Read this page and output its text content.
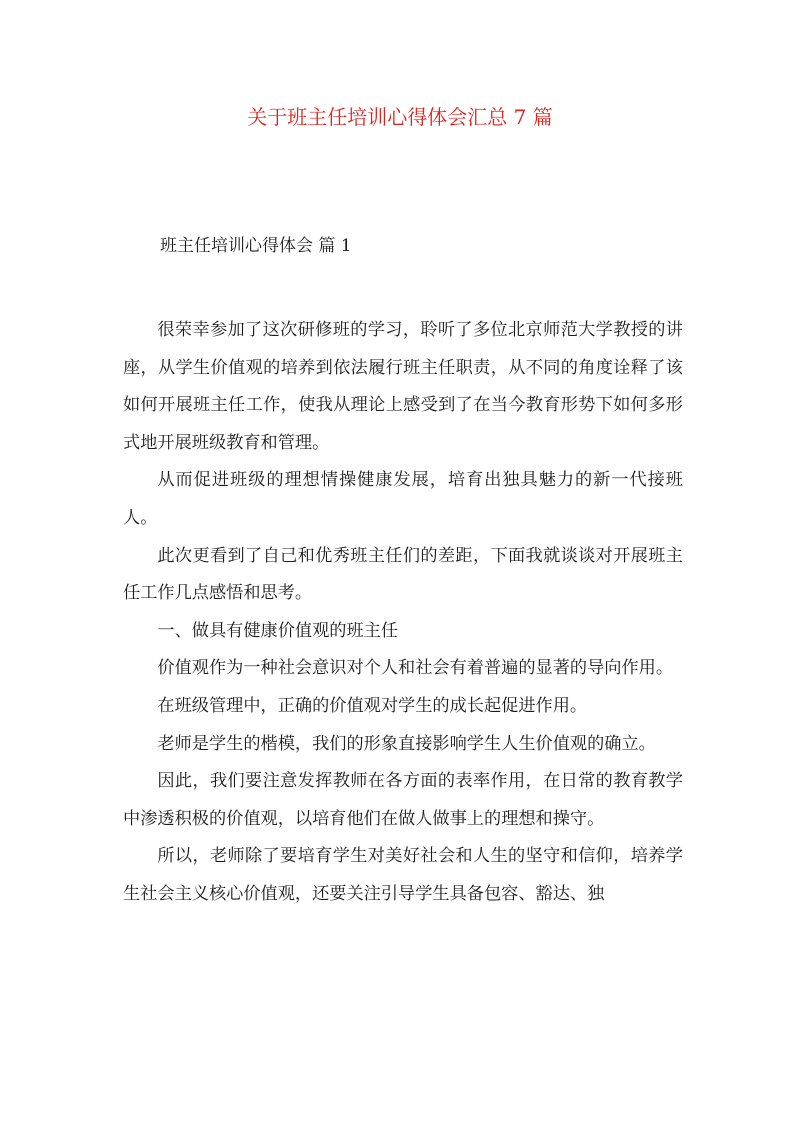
关于班主任培训心得体会汇总 7 篇
班主任培训心得体会 篇 1

很荣幸参加了这次研修班的学习，聆听了多位北京师范大学教授的讲座，从学生价值观的培养到依法履行班主任职责，从不同的角度诠释了该如何开展班主任工作，使我从理论上感受到了在当今教育形势下如何多形式地开展班级教育和管理。

从而促进班级的理想情操健康发展，培育出独具魅力的新一代接班人。

此次更看到了自己和优秀班主任们的差距，下面我就谈谈对开展班主任工作几点感悟和思考。

一、做具有健康价值观的班主任

价值观作为一种社会意识对个人和社会有着普遍的显著的导向作用。

在班级管理中，正确的价值观对学生的成长起促进作用。

老师是学生的楷模，我们的形象直接影响学生人生价值观的确立。

因此，我们要注意发挥教师在各方面的表率作用，在日常的教育教学中渗透积极的价值观，以培育他们在做人做事上的理想和操守。

所以，老师除了要培育学生对美好社会和人生的坚守和信仰，培养学生社会主义核心价值观，还要关注引导学生具备包容、豁达、独
